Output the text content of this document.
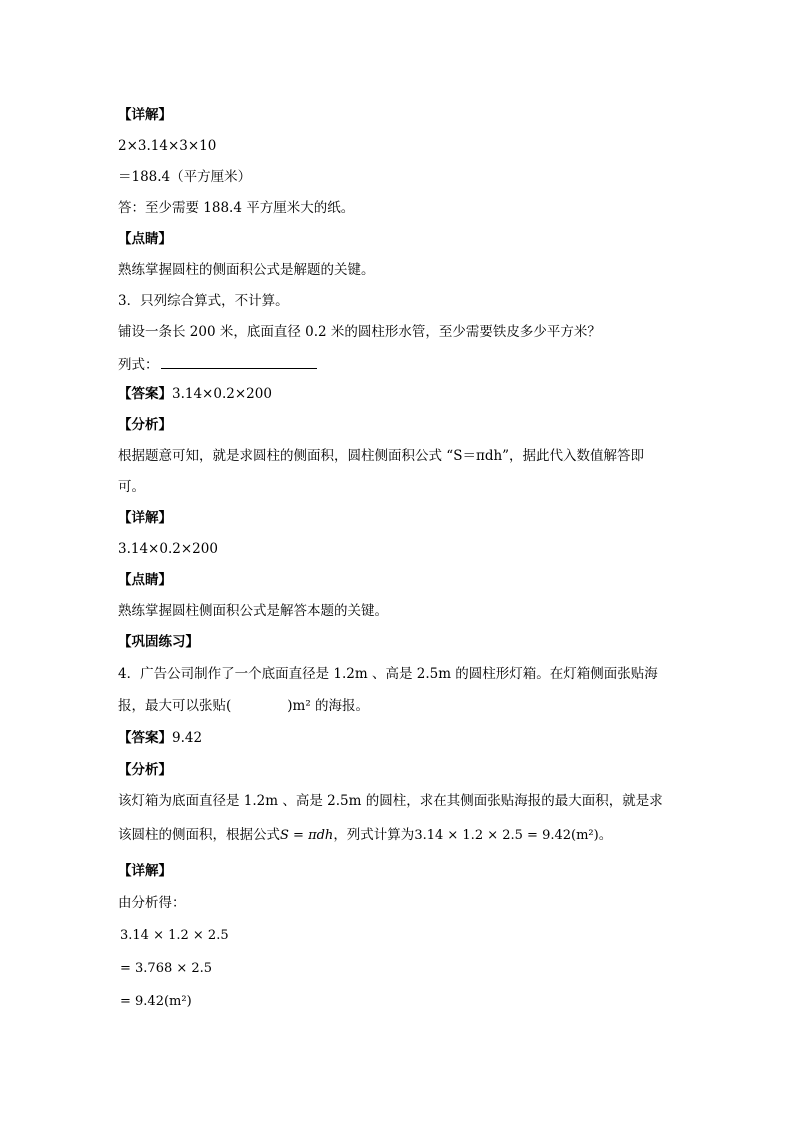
【详解】
2×3.14×3×10
＝188.4（平方厘米）
答：至少需要 188.4 平方厘米大的纸。
【点睛】
熟练掌握圆柱的侧面积公式是解题的关键。
3．只列综合算式，不计算。
铺设一条长 200 米，底面直径 0.2 米的圆柱形水管，至少需要铁皮多少平方米？
列式：
【答案】3.14×0.2×200
【分析】
根据题意可知，就是求圆柱的侧面积，圆柱侧面积公式 “S＝πdh”，据此代入数值解答即
可。
【详解】
3.14×0.2×200
【点睛】
熟练掌握圆柱侧面积公式是解答本题的关键。
【巩固练习】
4．广告公司制作了一个底面直径是 1.2m 、高是 2.5m 的圆柱形灯箱。在灯箱侧面张贴海
报，最大可以张贴(	)m² 的海报。
【答案】9.42
【分析】
该灯箱为底面直径是 1.2m 、高是 2.5m 的圆柱，求在其侧面张贴海报的最大面积，就是求
该圆柱的侧面积，根据公式S = πdh，列式计算为3.14 × 1.2 × 2.5 = 9.42(m²)。
【详解】
由分析得：
3.14 × 1.2 × 2.5
= 3.768 × 2.5
= 9.42(m²)
